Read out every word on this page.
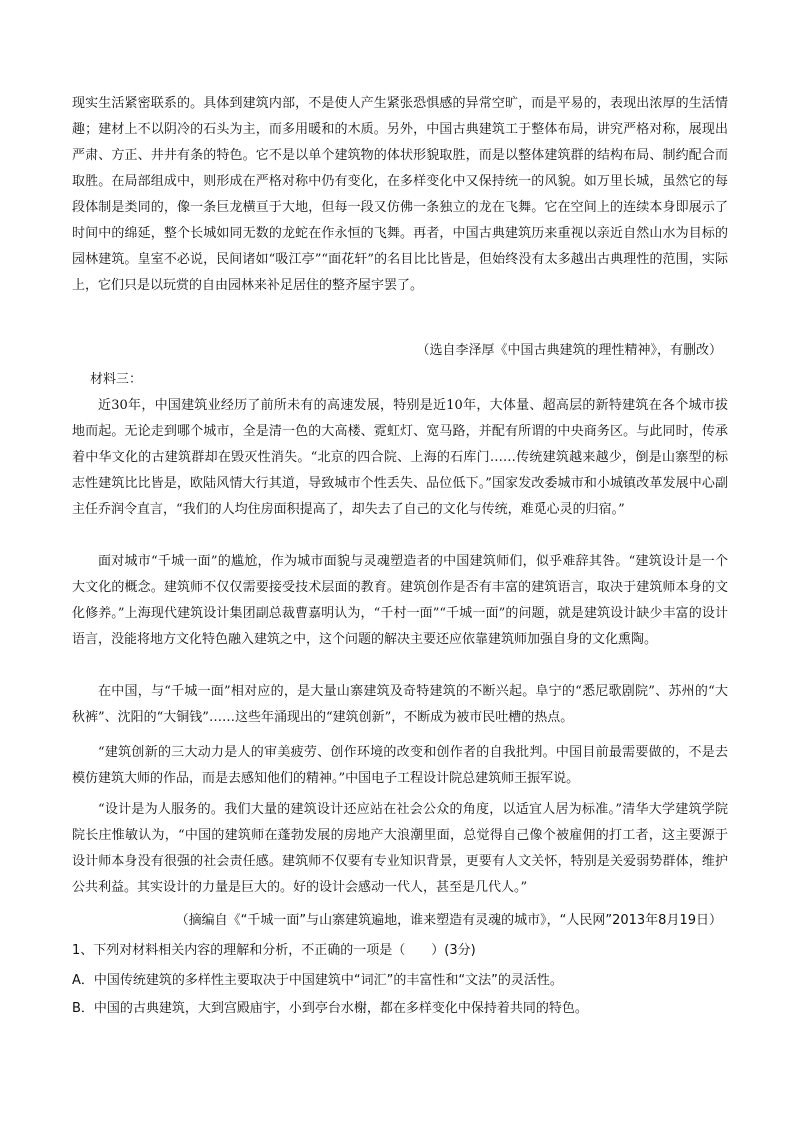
现实生活紧密联系的。具体到建筑内部，不是使人产生紧张恐惧感的异常空旷，而是平易的，表现出浓厚的生活情趣；建材上不以阴冷的石头为主，而多用暖和的木质。另外，中国古典建筑工于整体布局，讲究严格对称，展现出严肃、方正、井井有条的特色。它不是以单个建筑物的体状形貌取胜，而是以整体建筑群的结构布局、制约配合而取胜。在局部组成中，则形成在严格对称中仍有变化，在多样变化中又保持统一的风貌。如万里长城，虽然它的每段体制是类同的，像一条巨龙横亘于大地，但每一段又仿佛一条独立的龙在飞舞。它在空间上的连续本身即展示了时间中的绵延，整个长城如同无数的龙蛇在作永恒的飞舞。再者，中国古典建筑历来重视以亲近自然山水为目标的园林建筑。皇室不必说，民间诸如“吸江亭”“面花轩”的名目比比皆是，但始终没有太多越出古典理性的范围，实际上，它们只是以玩赏的自由园林来补足居住的整齐屋宇罢了。

（选自李泽厚《中国古典建筑的理性精神》，有删改）
材料三：

近30年，中国建筑业经历了前所未有的高速发展，特别是近10年，大体量、超高层的新特建筑在各个城市拔地而起。无论走到哪个城市，全是清一色的大高楼、霓虹灯、宽马路，并配有所谓的中央商务区。与此同时，传承着中华文化的古建筑群却在毁灭性消失。“北京的四合院、上海的石库门……传统建筑越来越少，倒是山寨型的标志性建筑比比皆是，欧陆风情大行其道，导致城市个性丢失、品位低下。”国家发改委城市和小城镇改革发展中心副主任乔润令直言，“我们的人均住房面积提高了，却失去了自己的文化与传统，难觅心灵的归宿。”

面对城市“千城一面”的尴尬，作为城市面貌与灵魂塑造者的中国建筑师们，似乎难辞其咎。“建筑设计是一个大文化的概念。建筑师不仅仅需要接受技术层面的教育。建筑创作是否有丰富的建筑语言，取决于建筑师本身的文化修养。”上海现代建筑设计集团副总裁曹嘉明认为，“千村一面”“千城一面”的问题，就是建筑设计缺少丰富的设计语言，没能将地方文化特色融入建筑之中，这个问题的解决主要还应依靠建筑师加强自身的文化熏陶。

在中国，与“千城一面”相对应的，是大量山寨建筑及奇特建筑的不断兴起。阜宁的“悉尼歌剧院”、苏州的“大秋裤”、沈阳的“大铜钱”……这些年涌现出的“建筑创新”，不断成为被市民吐槽的热点。

“建筑创新的三大动力是人的审美疲劳、创作环境的改变和创作者的自我批判。中国目前最需要做的，不是去模仿建筑大师的作品，而是去感知他们的精神。”中国电子工程设计院总建筑师王振军说。

“设计是为人服务的。我们大量的建筑设计还应站在社会公众的角度，以适宜人居为标准。”清华大学建筑学院院长庄惟敏认为，“中国的建筑师在蓬勃发展的房地产大浪潮里面，总觉得自己像个被雇佣的打工者，这主要源于设计师本身没有很强的社会责任感。建筑师不仅要有专业知识背景，更要有人文关怀，特别是关爱弱势群体，维护公共利益。其实设计的力量是巨大的。好的设计会感动一代人，甚至是几代人。”

（摘编自《“千城一面”与山寨建筑遍地，谁来塑造有灵魂的城市》，“人民网”2013年8月19日）
1、下列对材料相关内容的理解和分析，不正确的一项是（　　）(3分)
A．中国传统建筑的多样性主要取决于中国建筑中“词汇”的丰富性和“文法”的灵活性。
B．中国的古典建筑，大到宫殿庙宇，小到亭台水榭，都在多样变化中保持着共同的特色。
